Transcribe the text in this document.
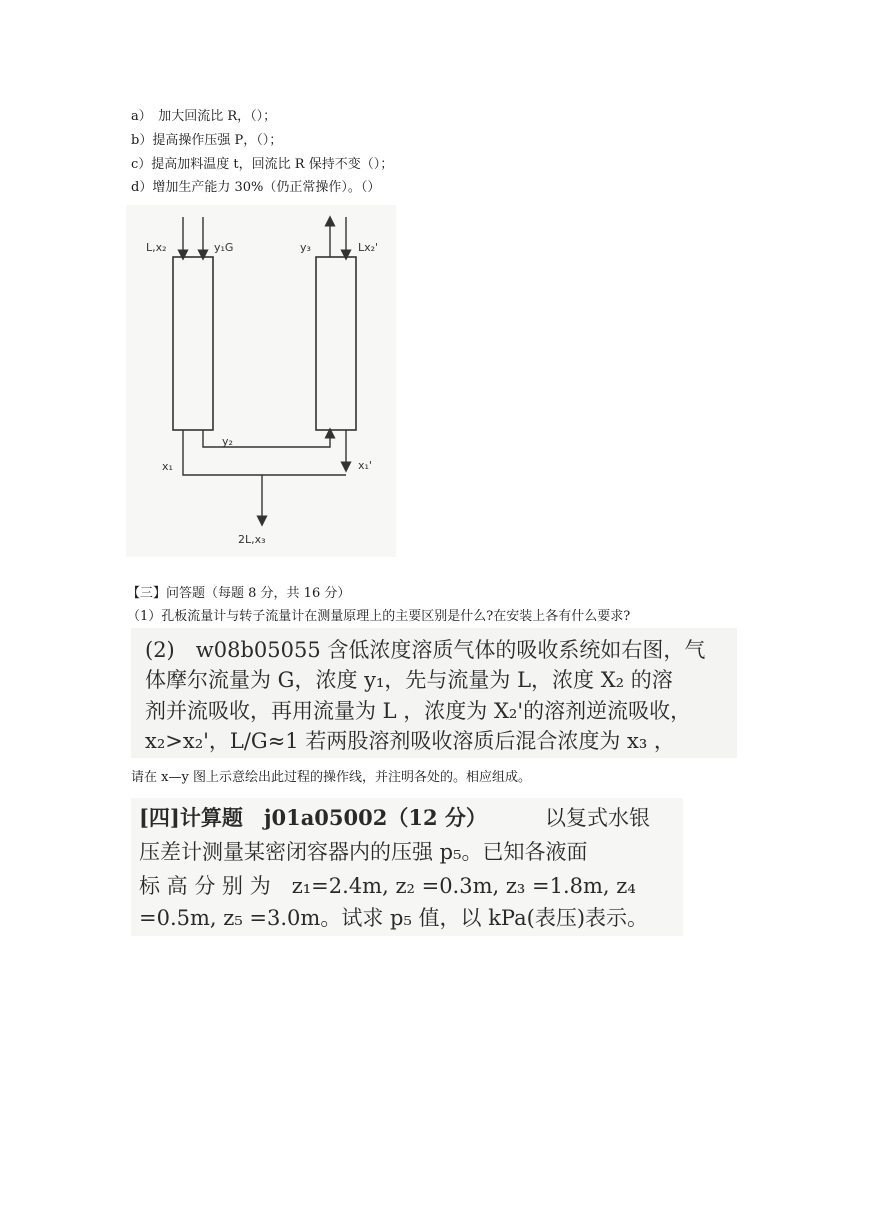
a）　加大回流比 R，（）；
b）提高操作压强 P，（）；
c）提高加料温度 t，回流比 R 保持不变（）；
d）增加生产能力 30%（仍正常操作）。（）
L,x₂	y₁G	y₃	Lx₂'
y₂
x₁	x₁'
2L,x₃
【三】问答题（每题 8 分，共 16 分）
（1）孔板流量计与转子流量计在测量原理上的主要区别是什么?在安装上各有什么要求?
(2)　w08b05055 含低浓度溶质气体的吸收系统如右图，气
体摩尔流量为 G，浓度 y₁，先与流量为 L，浓度 X₂ 的溶
剂并流吸收，再用流量为 L ，浓度为 X₂'的溶剂逆流吸收，
x₂>x₂'，L/G≈1 若两股溶剂吸收溶质后混合浓度为 x₃ ，
请在 x—y 图上示意绘出此过程的操作线，并注明各处的。相应组成。
[四]计算题　j01a05002（12 分）	以复式水银
压差计测量某密闭容器内的压强 p₅。已知各液面
标 高 分 别 为　z₁=2.4m, z₂ =0.3m, z₃ =1.8m, z₄
=0.5m, z₅ =3.0m。试求 p₅ 值，以 kPa(表压)表示。
